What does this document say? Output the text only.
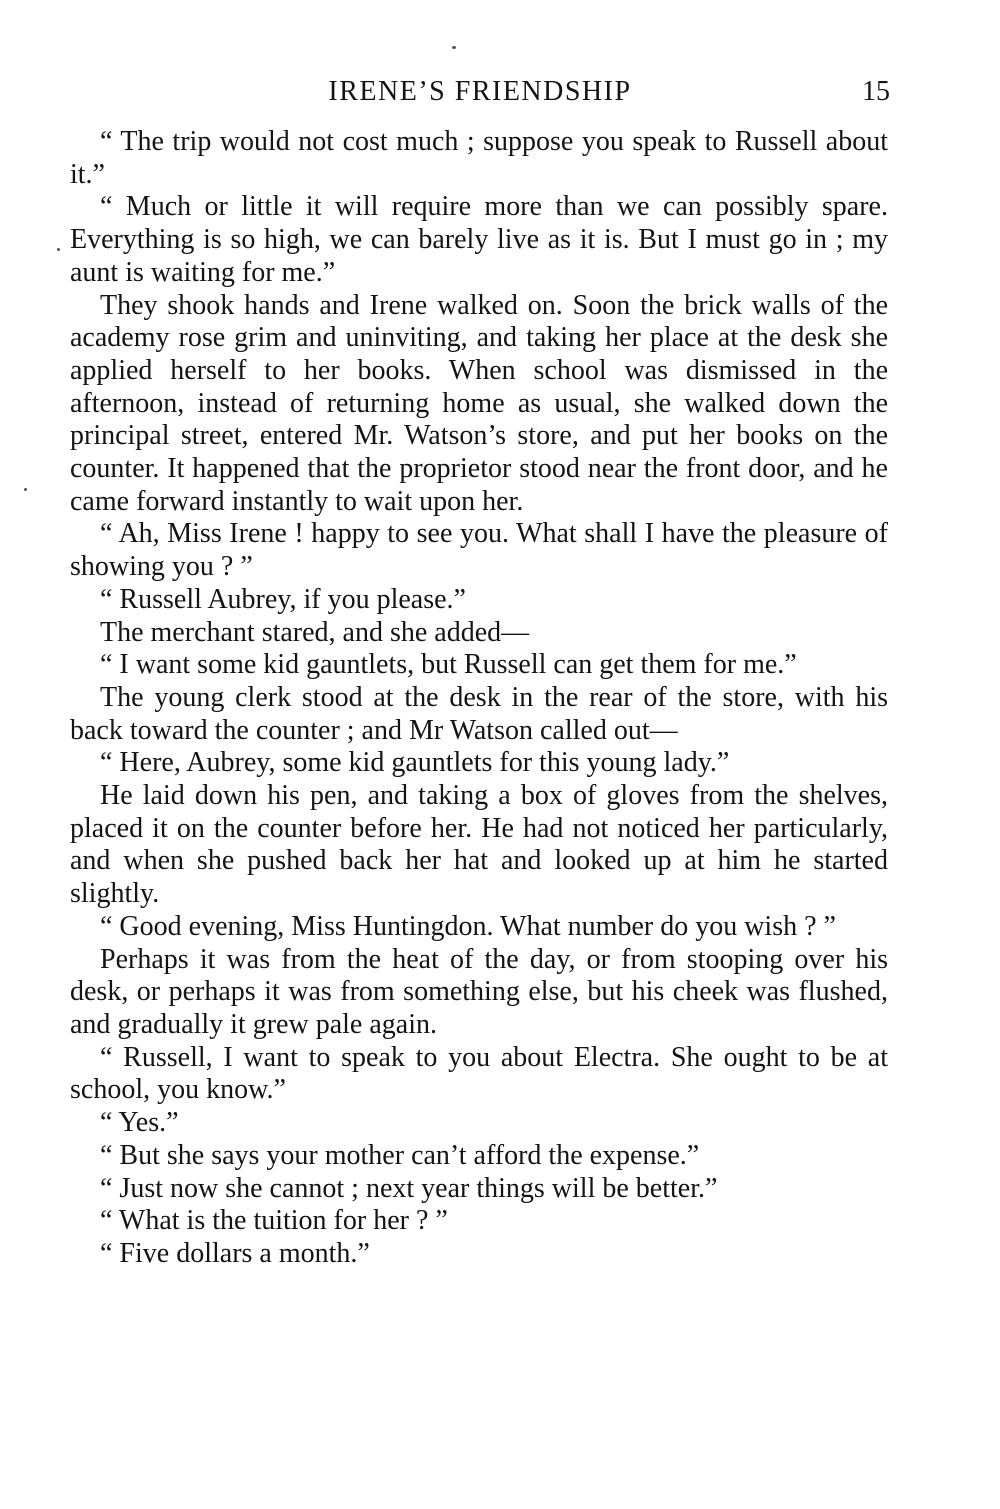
IRENE’S FRIENDSHIP	15

“ The trip would not cost much ; suppose you speak to Russell about it.”

“ Much or little it will require more than we can possibly spare. Everything is so high, we can barely live as it is. But I must go in ; my aunt is waiting for me.”

They shook hands and Irene walked on. Soon the brick walls of the academy rose grim and uninviting, and taking her place at the desk she applied herself to her books. When school was dismissed in the afternoon, instead of returning home as usual, she walked down the principal street, entered Mr. Watson’s store, and put her books on the counter. It happened that the proprietor stood near the front door, and he came forward instantly to wait upon her.

“ Ah, Miss Irene ! happy to see you. What shall I have the pleasure of showing you ? ”

“ Russell Aubrey, if you please.”

The merchant stared, and she added—

“ I want some kid gauntlets, but Russell can get them for me.”

The young clerk stood at the desk in the rear of the store, with his back toward the counter ; and Mr Watson called out—

“ Here, Aubrey, some kid gauntlets for this young lady.”

He laid down his pen, and taking a box of gloves from the shelves, placed it on the counter before her. He had not noticed her particularly, and when she pushed back her hat and looked up at him he started slightly.

“ Good evening, Miss Huntingdon. What number do you wish ? ”

Perhaps it was from the heat of the day, or from stooping over his desk, or perhaps it was from something else, but his cheek was flushed, and gradually it grew pale again.

“ Russell, I want to speak to you about Electra. She ought to be at school, you know.”

“ Yes.”

“ But she says your mother can’t afford the expense.”

“ Just now she cannot ; next year things will be better.”

“ What is the tuition for her ? ”

“ Five dollars a month.”
